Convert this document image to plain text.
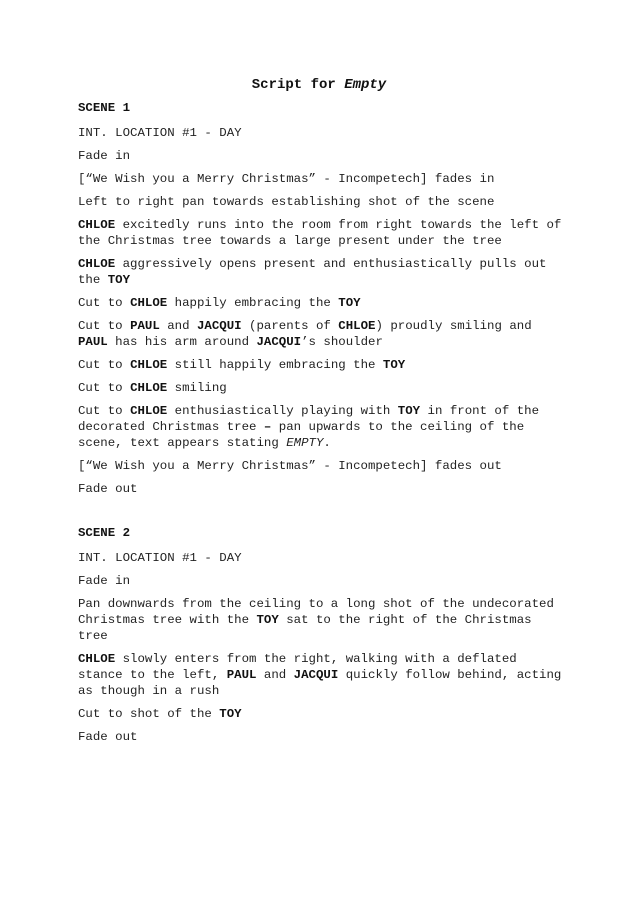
Script for Empty

SCENE 1

INT. LOCATION #1 - DAY

Fade in

[“We Wish you a Merry Christmas” - Incompetech] fades in

Left to right pan towards establishing shot of the scene

CHLOE excitedly runs into the room from right towards the left of the Christmas tree towards a large present under the tree

CHLOE aggressively opens present and enthusiastically pulls out the TOY

Cut to CHLOE happily embracing the TOY

Cut to PAUL and JACQUI (parents of CHLOE) proudly smiling and PAUL has his arm around JACQUI’s shoulder

Cut to CHLOE still happily embracing the TOY

Cut to CHLOE smiling

Cut to CHLOE enthusiastically playing with TOY in front of the decorated Christmas tree – pan upwards to the ceiling of the scene, text appears stating EMPTY.

[“We Wish you a Merry Christmas” - Incompetech] fades out

Fade out

SCENE 2

INT. LOCATION #1 - DAY

Fade in

Pan downwards from the ceiling to a long shot of the undecorated Christmas tree with the TOY sat to the right of the Christmas tree

CHLOE slowly enters from the right, walking with a deflated stance to the left, PAUL and JACQUI quickly follow behind, acting as though in a rush

Cut to shot of the TOY

Fade out
